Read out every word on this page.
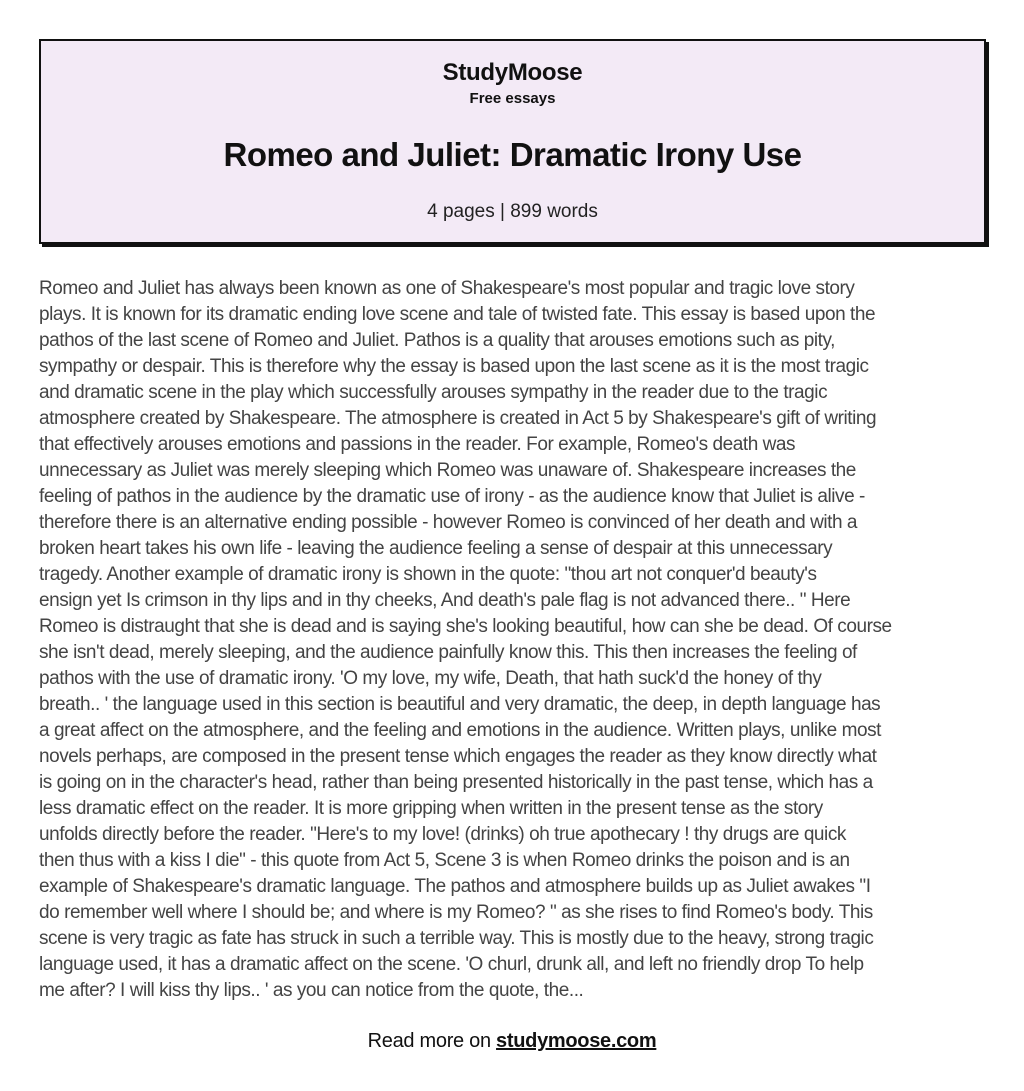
StudyMoose
Free essays
Romeo and Juliet: Dramatic Irony Use
4 pages | 899 words
Romeo and Juliet has always been known as one of Shakespeare's most popular and tragic love story
plays. It is known for its dramatic ending love scene and tale of twisted fate. This essay is based upon the
pathos of the last scene of Romeo and Juliet. Pathos is a quality that arouses emotions such as pity,
sympathy or despair. This is therefore why the essay is based upon the last scene as it is the most tragic
and dramatic scene in the play which successfully arouses sympathy in the reader due to the tragic
atmosphere created by Shakespeare. The atmosphere is created in Act 5 by Shakespeare's gift of writing
that effectively arouses emotions and passions in the reader. For example, Romeo's death was
unnecessary as Juliet was merely sleeping which Romeo was unaware of. Shakespeare increases the
feeling of pathos in the audience by the dramatic use of irony - as the audience know that Juliet is alive -
therefore there is an alternative ending possible - however Romeo is convinced of her death and with a
broken heart takes his own life - leaving the audience feeling a sense of despair at this unnecessary
tragedy. Another example of dramatic irony is shown in the quote: "thou art not conquer'd beauty's
ensign yet Is crimson in thy lips and in thy cheeks, And death's pale flag is not advanced there.. " Here
Romeo is distraught that she is dead and is saying she's looking beautiful, how can she be dead. Of course
she isn't dead, merely sleeping, and the audience painfully know this. This then increases the feeling of
pathos with the use of dramatic irony. 'O my love, my wife, Death, that hath suck'd the honey of thy
breath.. ' the language used in this section is beautiful and very dramatic, the deep, in depth language has
a great affect on the atmosphere, and the feeling and emotions in the audience. Written plays, unlike most
novels perhaps, are composed in the present tense which engages the reader as they know directly what
is going on in the character's head, rather than being presented historically in the past tense, which has a
less dramatic effect on the reader. It is more gripping when written in the present tense as the story
unfolds directly before the reader. "Here's to my love! (drinks) oh true apothecary ! thy drugs are quick
then thus with a kiss I die" - this quote from Act 5, Scene 3 is when Romeo drinks the poison and is an
example of Shakespeare's dramatic language. The pathos and atmosphere builds up as Juliet awakes "I
do remember well where I should be; and where is my Romeo? " as she rises to find Romeo's body. This
scene is very tragic as fate has struck in such a terrible way. This is mostly due to the heavy, strong tragic
language used, it has a dramatic affect on the scene. 'O churl, drunk all, and left no friendly drop To help
me after? I will kiss thy lips.. ' as you can notice from the quote, the...
Read more on studymoose.com
